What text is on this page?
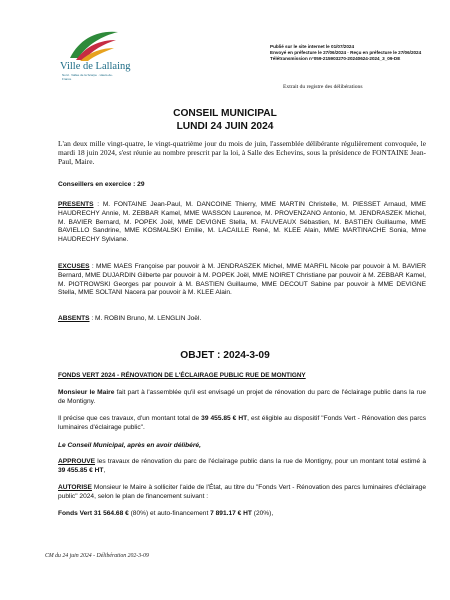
Ville de Lallaing
Nord · Vallée de la Scarpe · Hauts-de-France
Publié sur le site internet le 01/07/2024
Envoyé en préfecture le 27/06/2024 · Reçu en préfecture le 27/06/2024
Télétransmission n°059-215903270-20240624-2024_3_09-DE
Extrait du registre des délibérations
CONSEIL MUNICIPAL
LUNDI 24 JUIN 2024
L'an deux mille vingt-quatre, le vingt-quatrième jour du mois de juin, l'assemblée délibérante régulièrement convoquée, le mardi 18 juin 2024, s'est réunie au nombre prescrit par la loi, à Salle des Echevins, sous la présidence de FONTAINE Jean-Paul, Maire.
Conseillers en exercice : 29
PRESENTS : M. FONTAINE Jean-Paul, M. DANCOINE Thierry, MME MARTIN Christelle, M. PIESSET Arnaud, MME HAUDRECHY Annie, M. ZEBBAR Kamel, MME WASSON Laurence, M. PROVENZANO Antonio, M. JENDRASZEK Michel, M. BAVIER Bernard, M. POPEK Joël, MME DEVIGNE Stella, M. FAUVEAUX Sébastien, M. BASTIEN Guillaume, MME BAVIELLO Sandrine, MME KOSMALSKI Emilie, M. LACAILLE René, M. KLEE Alain, MME MARTINACHE Sonia, Mme HAUDRECHY Sylviane.
EXCUSES : MME MAES Françoise par pouvoir à M. JENDRASZEK Michel, MME MARFIL Nicole par pouvoir à M. BAVIER Bernard, MME DUJARDIN Gilberte par pouvoir à M. POPEK Joël, MME NOIRET Christiane par pouvoir à M. ZEBBAR Kamel, M. PIOTROWSKI Georges par pouvoir à M. BASTIEN Guillaume, MME DECOUT Sabine par pouvoir à MME DEVIGNE Stella, MME SOLTANI Nacera par pouvoir à M. KLEE Alain.
ABSENTS : M. ROBIN Bruno, M. LENGLIN Joël.
OBJET : 2024-3-09
FONDS VERT 2024 - RÉNOVATION DE L'ÉCLAIRAGE PUBLIC RUE DE MONTIGNY
Monsieur le Maire fait part à l'assemblée qu'il est envisagé un projet de rénovation du parc de l'éclairage public dans la rue de Montigny.
Il précise que ces travaux, d'un montant total de 39 455.85 € HT, est éligible au dispositif "Fonds Vert - Rénovation des parcs luminaires d'éclairage public".
Le Conseil Municipal, après en avoir délibéré,
APPROUVE les travaux de rénovation du parc de l'éclairage public dans la rue de Montigny, pour un montant total estimé à 39 455.85 € HT,
AUTORISE Monsieur le Maire à solliciter l'aide de l'État, au titre du "Fonds Vert - Rénovation des parcs luminaires d'éclairage public" 2024, selon le plan de financement suivant :
Fonds Vert 31 564.68 € (80%) et auto-financement 7 891.17 € HT (20%),
CM du 24 juin 2024 - Délibération 202-3-09
